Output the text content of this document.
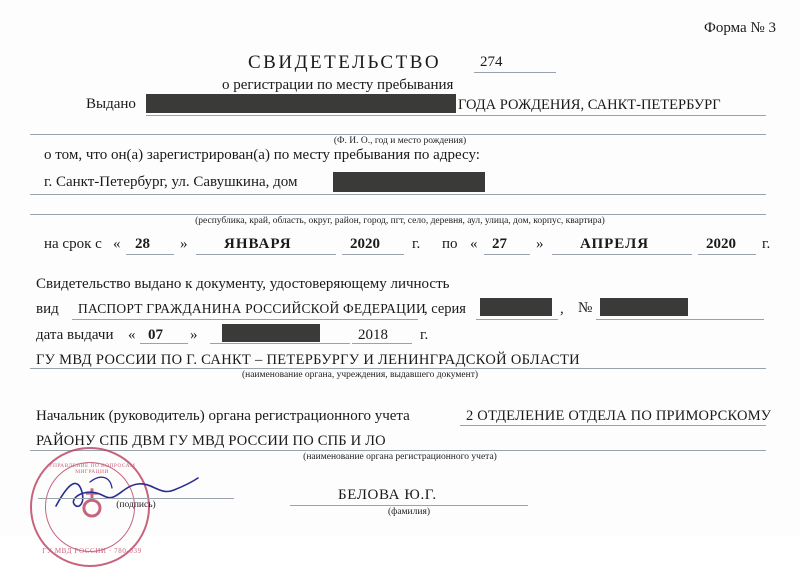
Форма № 3
СВИДЕТЕЛЬСТВО	274
о регистрации по месту пребывания
Выдано	ГОДА РОЖДЕНИЯ, САНКТ-ПЕТЕРБУРГ
(Ф. И. О., год и место рождения)
о том, что он(а) зарегистрирован(а) по месту пребывания по адресу:
г. Санкт-Петербург, ул. Савушкина, дом
(республика, край, область, округ, район, город, пгт, село, деревня, аул, улица, дом, корпус, квартира)
на срок с « 28 » ЯНВАРЯ	2020 г. по « 27 » АПРЕЛЯ	2020 г.
Свидетельство выдано к документу, удостоверяющему личность
вид ПАСПОРТ ГРАЖДАНИНА РОССИЙСКОЙ ФЕДЕРАЦИИ
, серия	, №
дата выдачи « 07 »	2018 г.
ГУ МВД РОССИИ ПО Г. САНКТ – ПЕТЕРБУРГУ И ЛЕНИНГРАДСКОЙ ОБЛАСТИ
(наименование органа, учреждения, выдавшего документ)
Начальник (руководитель) органа регистрационного учета	2 ОТДЕЛЕНИЕ ОТДЕЛА ПО ПРИМОРСКОМУ
РАЙОНУ СПБ ДВМ ГУ МВД РОССИИ ПО СПБ И ЛО
(наименование органа регистрационного учета)
УПРАВЛЕНИЕ ПО ВОПРОСАМ МИГРАЦИИ
♁
ГУ МВД РОССИИ · 780-039
(подпись)
БЕЛОВА Ю.Г.
(фамилия)
